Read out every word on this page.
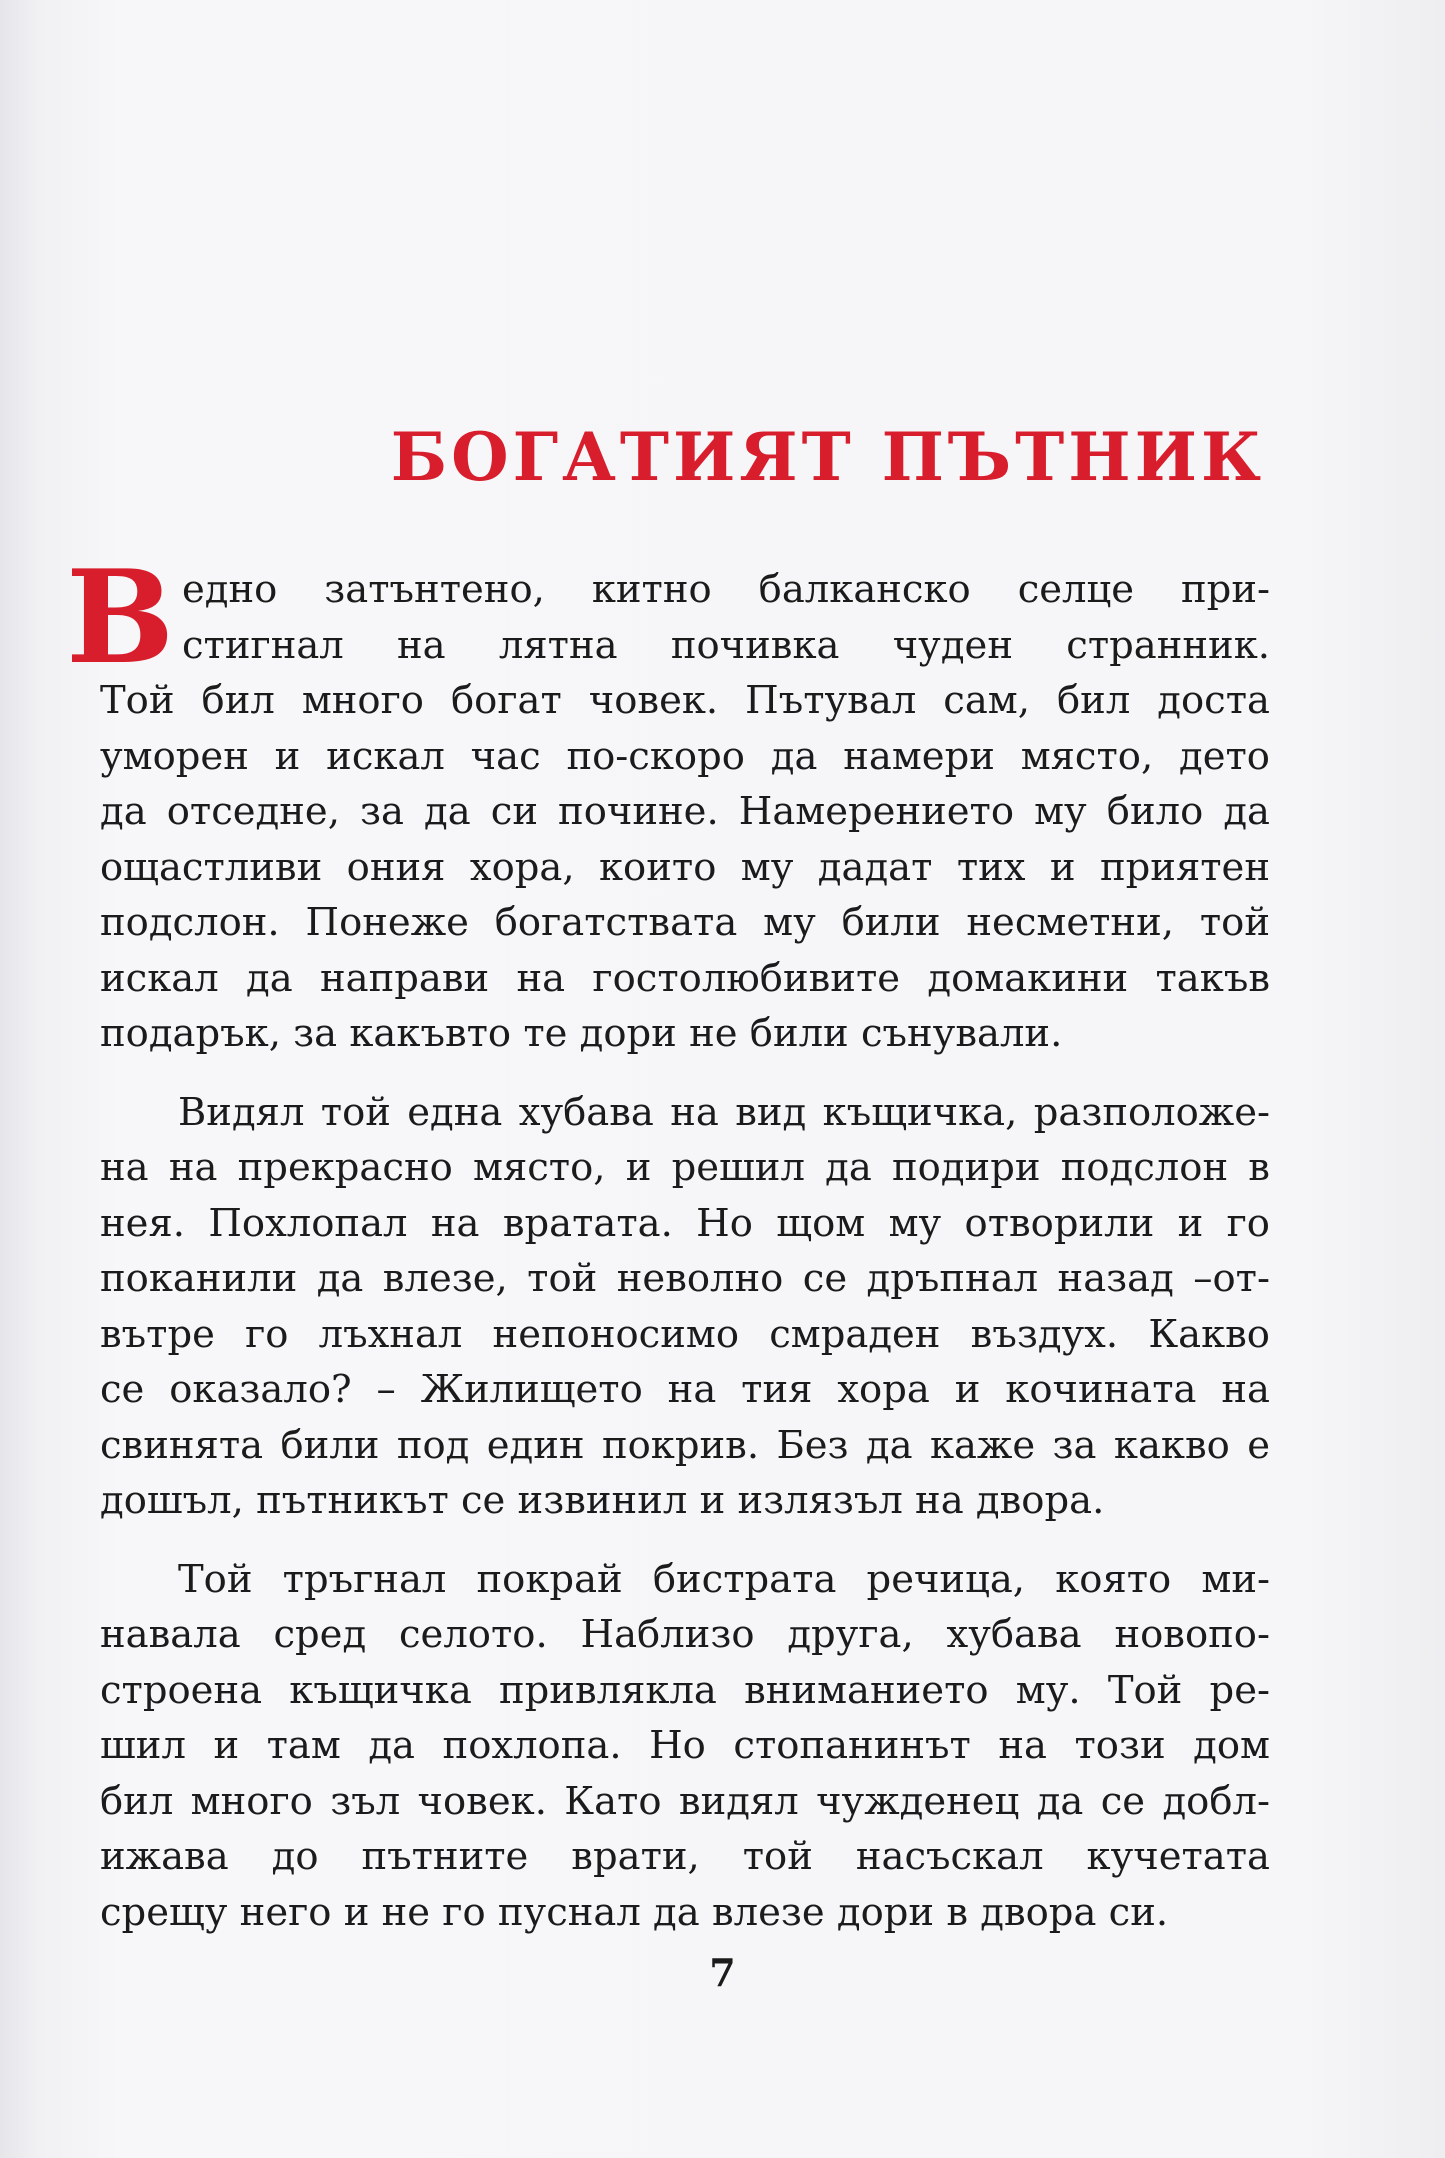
БОГАТИЯТ ПЪТНИК
В едно затънтено, китно балканско селце при-
стигнал на лятна почивка чуден странник.
Той бил много богат човек. Пътувал сам, бил доста
уморен и искал час по-скоро да намери място, дето
да отседне, за да си почине. Намерението му било да
ощастливи ония хора, които му дадат тих и приятен
подслон. Понеже богатствата му били несметни, той
искал да направи на гостолюбивите домакини такъв
подарък, за какъвто те дори не били сънували.
Видял той една хубава на вид къщичка, разположе-
на на прекрасно място, и решил да подири подслон в
нея. Похлопал на вратата. Но щом му отворили и го
поканили да влезе, той неволно се дръпнал назад –от-
вътре го лъхнал непоносимо смраден въздух. Какво
се оказало? – Жилището на тия хора и кочината на
свинята били под един покрив. Без да каже за какво е
дошъл, пътникът се извинил и излязъл на двора.
Той тръгнал покрай бистрата речица, която ми-
навала сред селото. Наблизо друга, хубава новопо-
строена къщичка привлякла вниманието му. Той ре-
шил и там да похлопа. Но стопанинът на този дом
бил много зъл човек. Като видял чужденец да се добл-
ижава до пътните врати, той насъскал кучетата
срещу него и не го пуснал да влезе дори в двора си.
7
